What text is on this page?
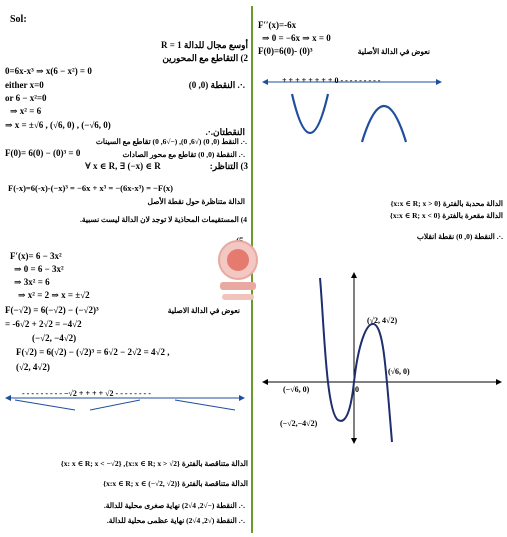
Sol:
R = 1 أوسع مجال للدالة
2) التقاطع مع المحورين
0=6x-x³ ⇒ x(6 − x²) = 0
either x=0	.·. النقطة (0, 0)
or 6 − x²=0
⇒ x² = 6
⇒ x = ±√6 , (√6, 0) , (−√6, 0)
النقطتان.·.
.·. النقط (0, 0) (√6, 0), (−√6, 0) تقاطع مع السينات
F(0)= 6(0) − (0)³ = 0	.·. النقطة (0, 0) تقاطع مع محور الصادات
3) التناظر:
∀ x ∈ R, ∃ (−x) ∈ R
F(-x)=6(-x)-(−x)³ = −6x + x³ = −(6x-x³) = −F(x)
الدالة متناظرة حول نقطة الأصل
4) المستقيمات المحاذية لا توجد لان الدالة ليست نسبية.
F′(x)= 6 − 3x²
⇒ 0 = 6 − 3x²
⇒ 3x² = 6
⇒ x² = 2 ⇒ x = ±√2
نعوض في الدالة الاصلية
F(−√2) = 6(−√2) − (−√2)³
= -6√2 + 2√2 = −4√2
(−√2, −4√2)
F(√2) = 6(√2) − (√2)³ = 6√2 − 2√2 = 4√2 ,
(√2, 4√2)
- - - - - - - - - −√2 + + + + √2 - - - - - - - -
الدالة متناقصة بالفترة {x:x ∈ R; x > √2}, {x: x ∈ R; x < −√2}
الدالة متناقصة بالفترة {x:x ∈ R; x ∈ (−√2, √2)}
.·. النقطة (−√2, 4√2) نهاية صغرى محلية للدالة.
.·. النقطة (√2, 4√2) نهاية عظمى محلية للدالة.
F′′(x)=-6x
⇒ 0 = −6x ⇒ x = 0
F(0)=6(0)- (0)³	نعوض في الدالة الأصلية
+ + + + + + + + 0 - - - - - - - - -
الدالة محدبة بالفترة {x:x ∈ R; x > 0}
الدالة مقعرة بالفترة {x:x ∈ R; x < 0}
.·. النقطة (0, 0) نقطة انقلاب
(√2, 4√2)
(−√2,−4√2)
(√6, 0)
(−√6, 0)	0
